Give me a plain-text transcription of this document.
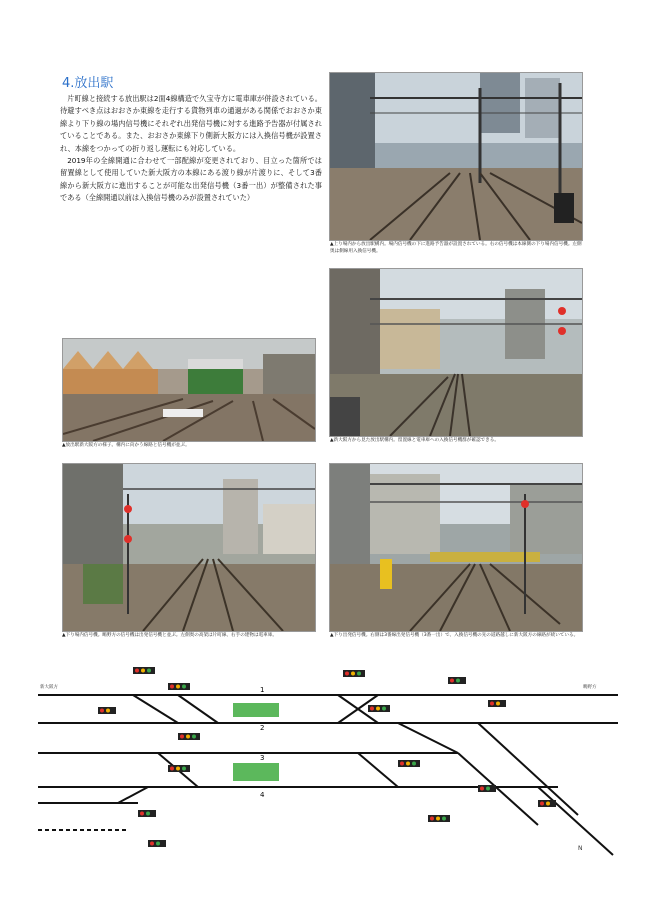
4.放出駅

片町線と接続する放出駅は2面4線構造で久宝寺方に電車庫が併設されている。待避すべき点はおおさか東線を走行する貨物列車の通過がある関係でおおさか東線より下り線の場内信号機にそれぞれ出発信号機に対する進路予告器が付属されていることである。また、おおさか東線下り側新大阪方には入換信号機が設置され、本線をつかっての折り返し運転にも対応している。

2019年の全線開通に合わせて一部配線が変更されており、目立った箇所では留置線として使用していた新大阪方の本線にある渡り線が片渡りに、そして3番線から新大阪方に進出することが可能な出発信号機（3番一出）が整備された事である（全線開通以前は入換信号機のみが設置されていた）

▲上り場内から放出駅構内。場内信号機の下に進路予告器が設置されている。右の信号機は本線側の下り場内信号機。左側奥は側線用入換信号機。
▲新大阪方から見た放出駅構内。留置線と電車庫への入換信号機群が確認できる。
▲放出駅新大阪方の様子。構内に向かう線路と信号機が並ぶ。
▲下り出発信号機。右側は3番線出発信号機（3番一出）で、入換信号機の先の道路越しに新大阪方の線路が続いている。
▲下り場内信号機。鴫野方の信号機は出発信号機と並ぶ。左側奥の高架は片町線、右手の建物は電車庫。
1
2
3
4
新大阪方	鴫野方
N
